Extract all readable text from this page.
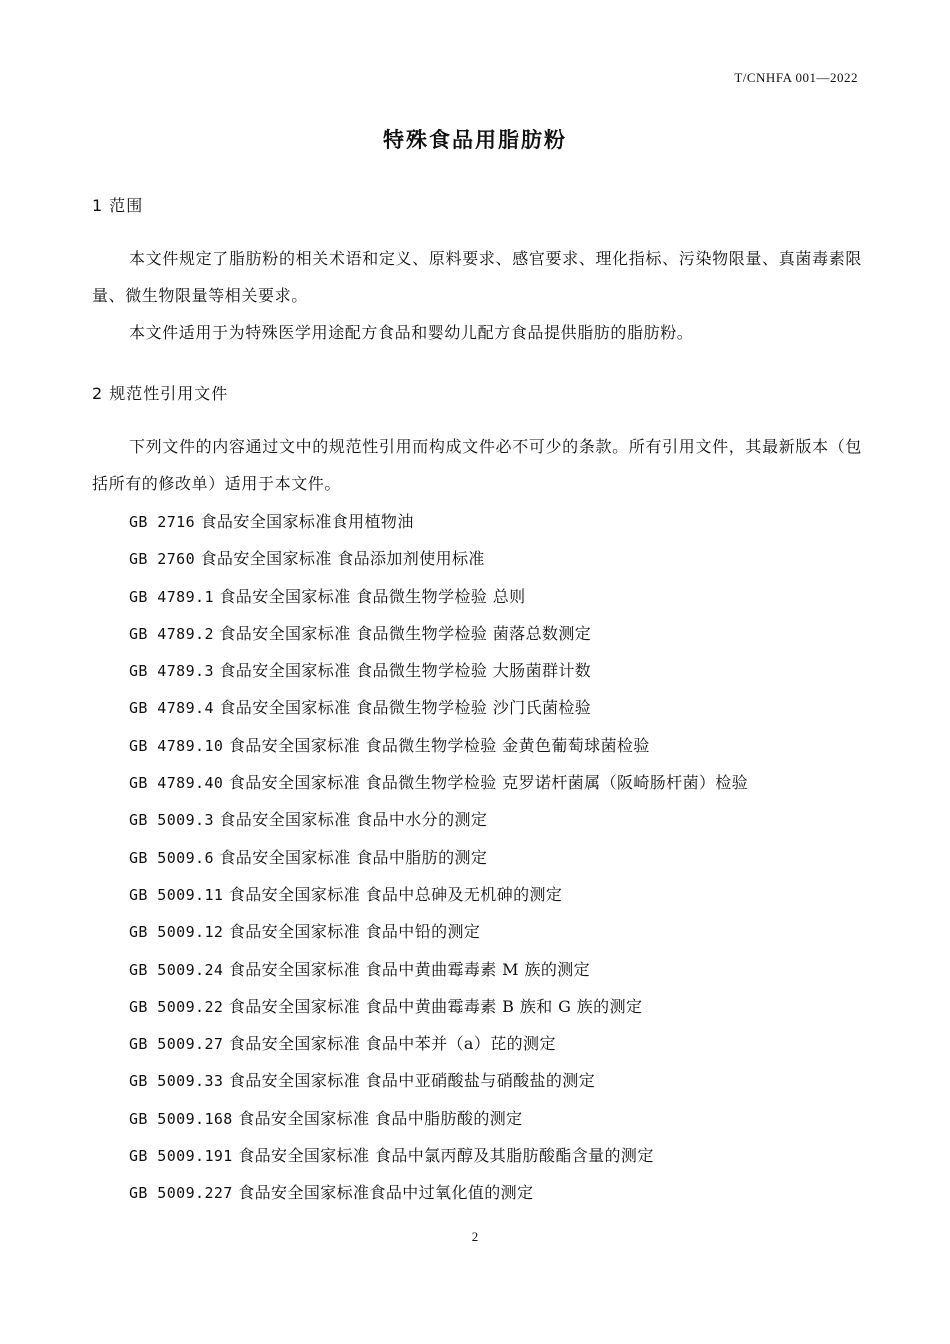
T/CNHFA 001—2022
特殊食品用脂肪粉
1 范围

本文件规定了脂肪粉的相关术语和定义、原料要求、感官要求、理化指标、污染物限量、真菌毒素限量、微生物限量等相关要求。

本文件适用于为特殊医学用途配方食品和婴幼儿配方食品提供脂肪的脂肪粉。

2 规范性引用文件

下列文件的内容通过文中的规范性引用而构成文件必不可少的条款。所有引用文件，其最新版本（包括所有的修改单）适用于本文件。

GB 2716 食品安全国家标准食用植物油
GB 2760 食品安全国家标准 食品添加剂使用标准
GB 4789.1 食品安全国家标准 食品微生物学检验 总则
GB 4789.2 食品安全国家标准 食品微生物学检验 菌落总数测定
GB 4789.3 食品安全国家标准 食品微生物学检验 大肠菌群计数
GB 4789.4 食品安全国家标准 食品微生物学检验 沙门氏菌检验
GB 4789.10 食品安全国家标准 食品微生物学检验 金黄色葡萄球菌检验
GB 4789.40 食品安全国家标准 食品微生物学检验 克罗诺杆菌属（阪崎肠杆菌）检验
GB 5009.3 食品安全国家标准 食品中水分的测定
GB 5009.6 食品安全国家标准 食品中脂肪的测定
GB 5009.11 食品安全国家标准 食品中总砷及无机砷的测定
GB 5009.12 食品安全国家标准 食品中铅的测定
GB 5009.24 食品安全国家标准 食品中黄曲霉毒素 M 族的测定
GB 5009.22 食品安全国家标准 食品中黄曲霉毒素 B 族和 G 族的测定
GB 5009.27 食品安全国家标准 食品中苯并（a）芘的测定
GB 5009.33 食品安全国家标准 食品中亚硝酸盐与硝酸盐的测定
GB 5009.168 食品安全国家标准 食品中脂肪酸的测定
GB 5009.191 食品安全国家标准 食品中氯丙醇及其脂肪酸酯含量的测定
GB 5009.227 食品安全国家标准食品中过氧化值的测定
2
